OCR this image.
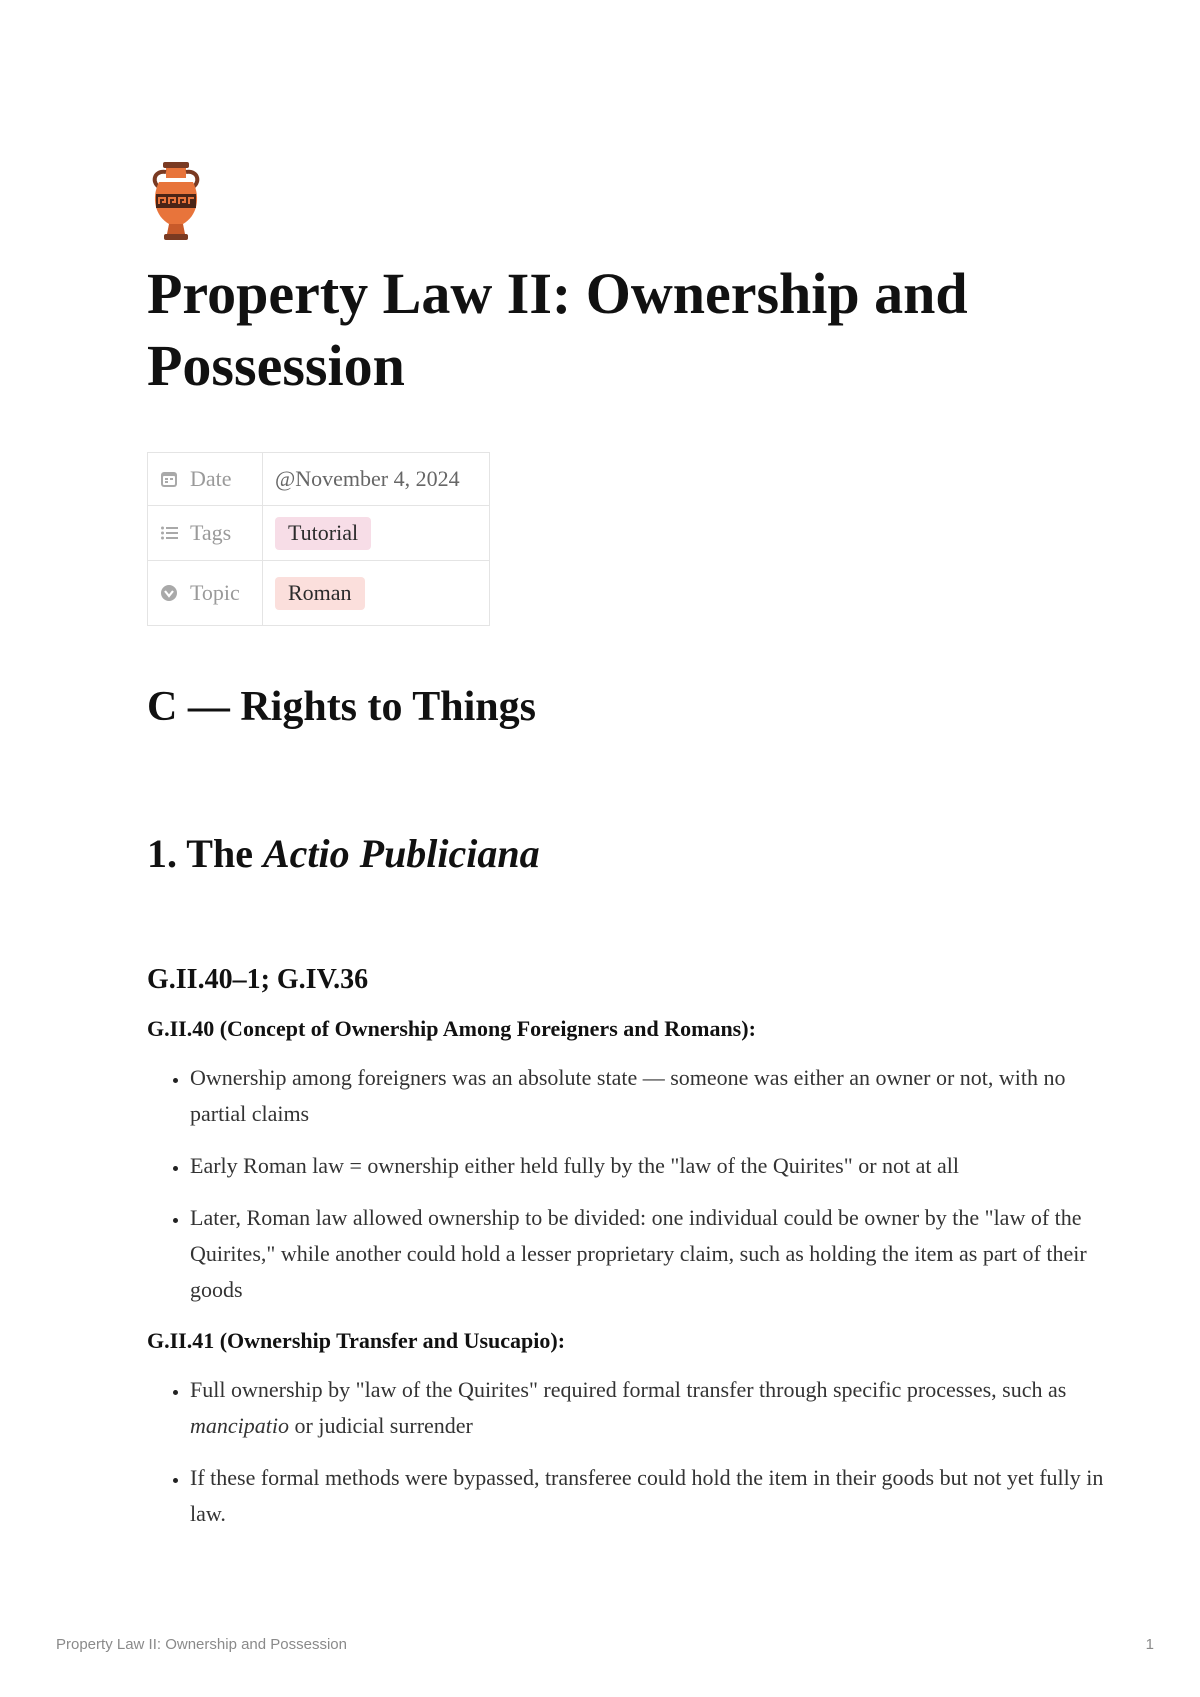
Property Law II: Ownership and Possession
Date	@November 4, 2024
Tags	Tutorial
Topic	Roman
C — Rights to Things
1. The Actio Publiciana
G.II.40–1; G.IV.36

G.II.40 (Concept of Ownership Among Foreigners and Romans):

• Ownership among foreigners was an absolute state — someone was either an owner or not, with no partial claims
• Early Roman law = ownership either held fully by the "law of the Quirites" or not at all
• Later, Roman law allowed ownership to be divided: one individual could be owner by the "law of the Quirites," while another could hold a lesser proprietary claim, such as holding the item as part of their goods

G.II.41 (Ownership Transfer and Usucapio):

• Full ownership by "law of the Quirites" required formal transfer through specific processes, such as mancipatio or judicial surrender
• If these formal methods were bypassed, transferee could hold the item in their goods but not yet fully in law.
Property Law II: Ownership and Possession	1
